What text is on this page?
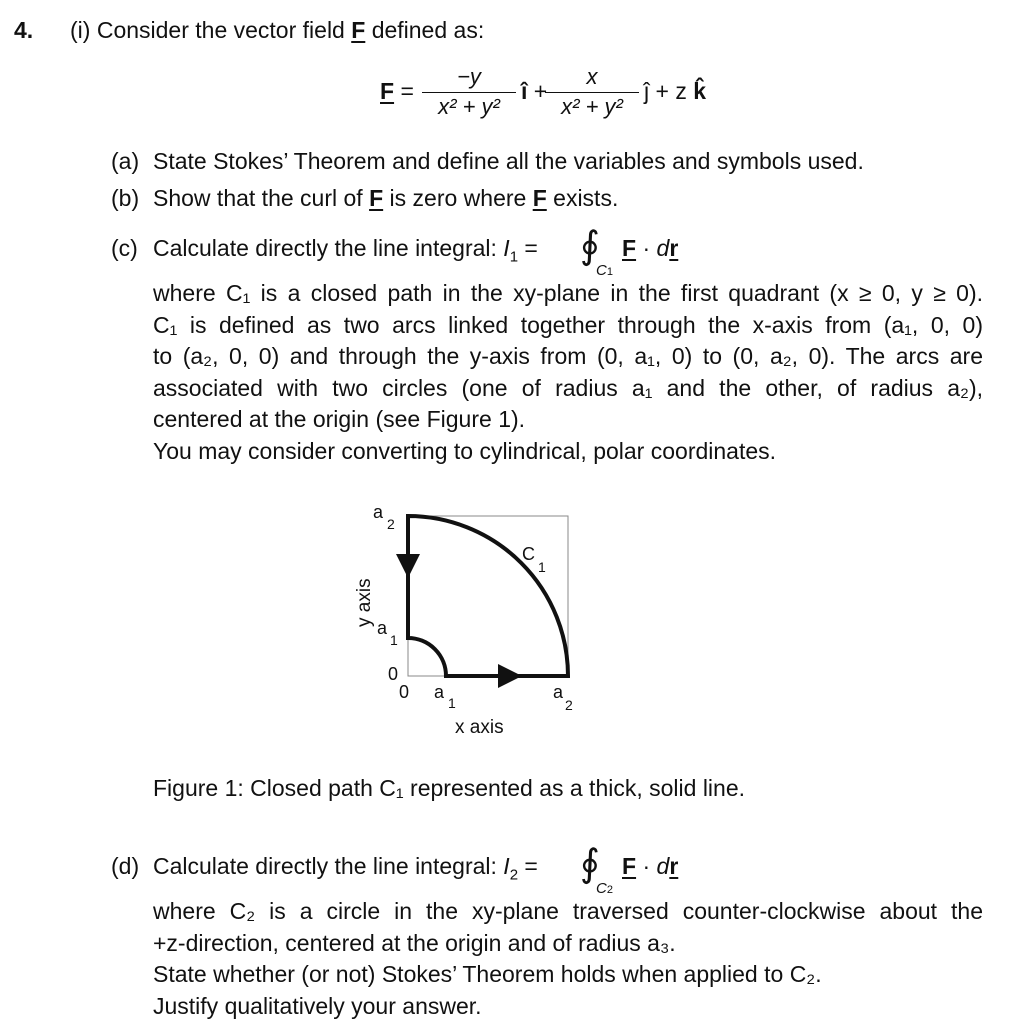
4. (i) Consider the vector field F defined as:
F =
−y
x² + y²
î +
x
x² + y²
ĵ + z k̂
(a) State Stokes’ Theorem and define all the variables and symbols used.
(b) Show that the curl of F is zero where F exists.
(c) Calculate directly the line integral: $I_1$ = ∮
C1
F · dr
where C₁ is a closed path in the xy-plane in the first quadrant (x ≥ 0, y ≥ 0).
C₁ is defined as two arcs linked together through the x-axis from (a₁, 0, 0)
to (a₂, 0, 0) and through the y-axis from (0, a₁, 0) to (0, a₂, 0). The arcs are
associated with two circles (one of radius a₁ and the other, of radius a₂),
centered at the origin (see Figure 1).
You may consider converting to cylindrical, polar coordinates.
a
2
a
1
0
0 a
1
a
2
C
1
x axis
y axis
Figure 1: Closed path C₁ represented as a thick, solid line.
(d) Calculate directly the line integral: $I_2$ = ∮
C2
F · dr
where C₂ is a circle in the xy-plane traversed counter-clockwise about the
+z-direction, centered at the origin and of radius a₃.
State whether (or not) Stokes’ Theorem holds when applied to C₂.
Justify qualitatively your answer.
